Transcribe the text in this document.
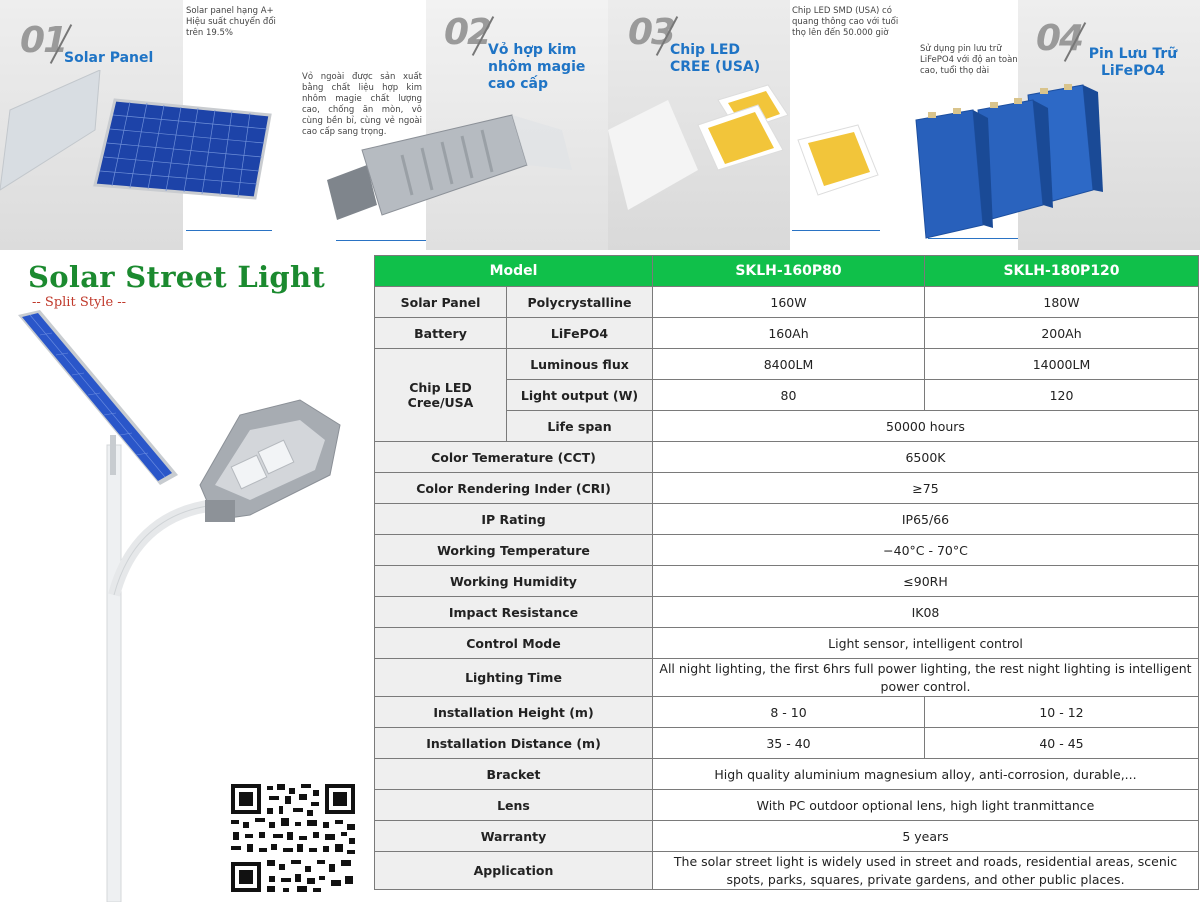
01
Solar Panel
Solar panel hạng A+ Hiệu suất chuyển đổi trên 19.5%
Vỏ ngoài được sản xuất bằng chất liệu hợp kim nhôm magie chất lượng cao, chống ăn mòn, vô cùng bền bỉ, cùng vẻ ngoài cao cấp sang trọng.
02
Vỏ hợp kim nhôm magie cao cấp
03
Chip LED CREE (USA)
Chip LED SMD (USA) có quang thông cao với tuổi thọ lên đến 50.000 giờ
Sử dụng pin lưu trữ LiFePO4 với độ an toàn cao, tuổi thọ dài
04 Pin Lưu Trữ LiFePO4
Solar Street Light
-- Split Style --
Model		SKLH-160P80	SKLH-180P120
Solar Panel	Polycrystalline	160W	180W
Battery	LiFePO4	160Ah	200Ah
Chip LED Cree/USA	Luminous flux	8400LM	14000LM
	Light output (W)	80	120
	Life span	50000 hours	
Color Temerature (CCT)		6500K	
Color Rendering Inder (CRI)		≥75	
IP Rating		IP65/66	
Working Temperature		−40°C - 70°C	
Working Humidity		≤90RH	
Impact Resistance		IK08	
Control Mode		Light sensor, intelligent control	
Lighting Time		All night lighting, the first 6hrs full power lighting, the rest night lighting is intelligent power control.	
Installation Height (m)		8 - 10	10 - 12
Installation Distance (m)		35 - 40	40 - 45
Bracket		High quality aluminium magnesium alloy, anti-corrosion, durable,...	
Lens		With PC outdoor optional lens, high light tranmittance	
Warranty		5 years	
Application		The solar street light is widely used in street and roads, residential areas, scenic spots, parks, squares, private gardens, and other public places.	
